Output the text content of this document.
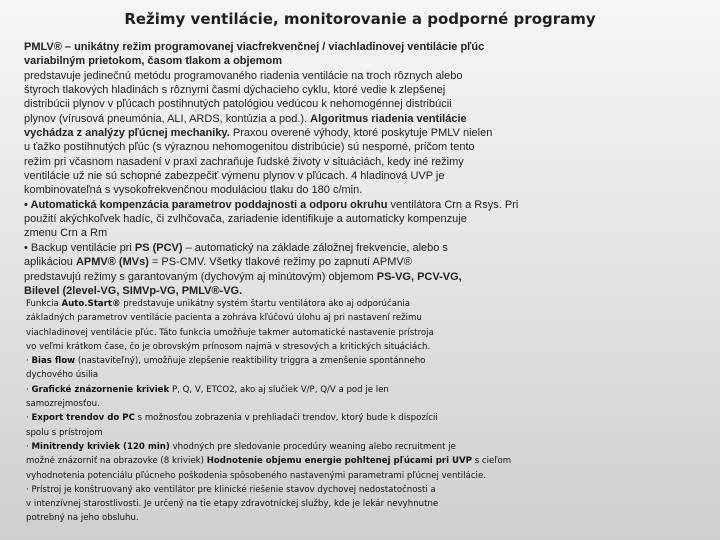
Režimy ventilácie, monitorovanie a podporné programy
PMLV® – unikátny režim programovanej viacfrekvenčnej / viachladinovej ventilácie pľúc
variabilným prietokom, časom tlakom a objemom
predstavuje jedinečnú metódu programovaného riadenia ventilácie na troch rôznych alebo
štyroch tlakových hladinách s rôznymi časmi dýchacieho cyklu, ktoré vedie k zlepšenej
distribúcii plynov v pľúcach postihnutých patológiou vedúcou k nehomogénnej distribúcii
plynov (vírusová pneumónia, ALI, ARDS, kontúzia a pod.). Algoritmus riadenia ventilácie
vychádza z analýzy pľúcnej mechaniky. Praxou overené výhody, ktoré poskytuje PMLV nielen
u ťažko postihnutých pľúc (s výraznou nehomogenitou distribúcie) sú nesporné, pričom tento
režim pri včasnom nasadení v praxi zachraňuje ľudské životy v situáciách, kedy iné režimy
ventilácie už nie sú schopné zabezpečiť výmenu plynov v pľúcach. 4 hladinová UVP je
kombinovateľná s vysokofrekvenčnou moduláciou tlaku do 180 c/min.
• Automatická kompenzácia parametrov poddajnosti a odporu okruhu ventilátora Crn a Rsys. Pri
použití akýchkoľvek hadíc, či zvlhčovača, zariadenie identifikuje a automaticky kompenzuje
zmenu Crn a Rm
• Backup ventilácie pri PS (PCV) – automatický na základe záložnej frekvencie, alebo s
aplikáciou APMV® (MVs) = PS-CMV. Všetky tlakové režimy po zapnutí APMV®
predstavujú režimy s garantovaným (dychovým aj minútovým) objemom PS-VG, PCV-VG,
Bilevel (2level-VG, SIMVp-VG, PMLV®-VG.
Funkcia Auto.Start® predstavuje unikátny systém štartu ventilátora ako aj odporúčania
základných parametrov ventilácie pacienta a zohráva kľúčovú úlohu aj pri nastavení režimu
viachladinovej ventilácie pľúc. Táto funkcia umožňuje takmer automatické nastavenie prístroja
vo veľmi krátkom čase, čo je obrovským prínosom najmä v stresových a kritických situáciách.
· Bias flow (nastaviteľný), umožňuje zlepšenie reaktibility triggra a zmenšenie spontánneho
dychového úsilia
· Grafické znázornenie kriviek P, Q, V, ETCO2, ako aj slučiek V/P, Q/V a pod je len
samozrejmosťou.
· Export trendov do PC s možnosťou zobrazenia v prehliadači trendov, ktorý bude k dispozícii
spolu s prístrojom
· Minitrendy kriviek (120 min) vhodných pre sledovanie procedúry weaning alebo recruitment je
možné znázorniť na obrazovke (8 kriviek) Hodnotenie objemu energie pohltenej pľúcami pri UVP s cieľom
vyhodnotenia potenciálu pľúcneho poškodenia spôsobeného nastavenými parametrami pľúcnej ventilácie.
· Prístroj je konštruovaný ako ventilátor pre klinické riešenie stavov dychovej nedostatočnosti a
v intenzívnej starostlivosti. Je určený na tie etapy zdravotníckej služby, kde je lekár nevyhnutne
potrebný na jeho obsluhu.
